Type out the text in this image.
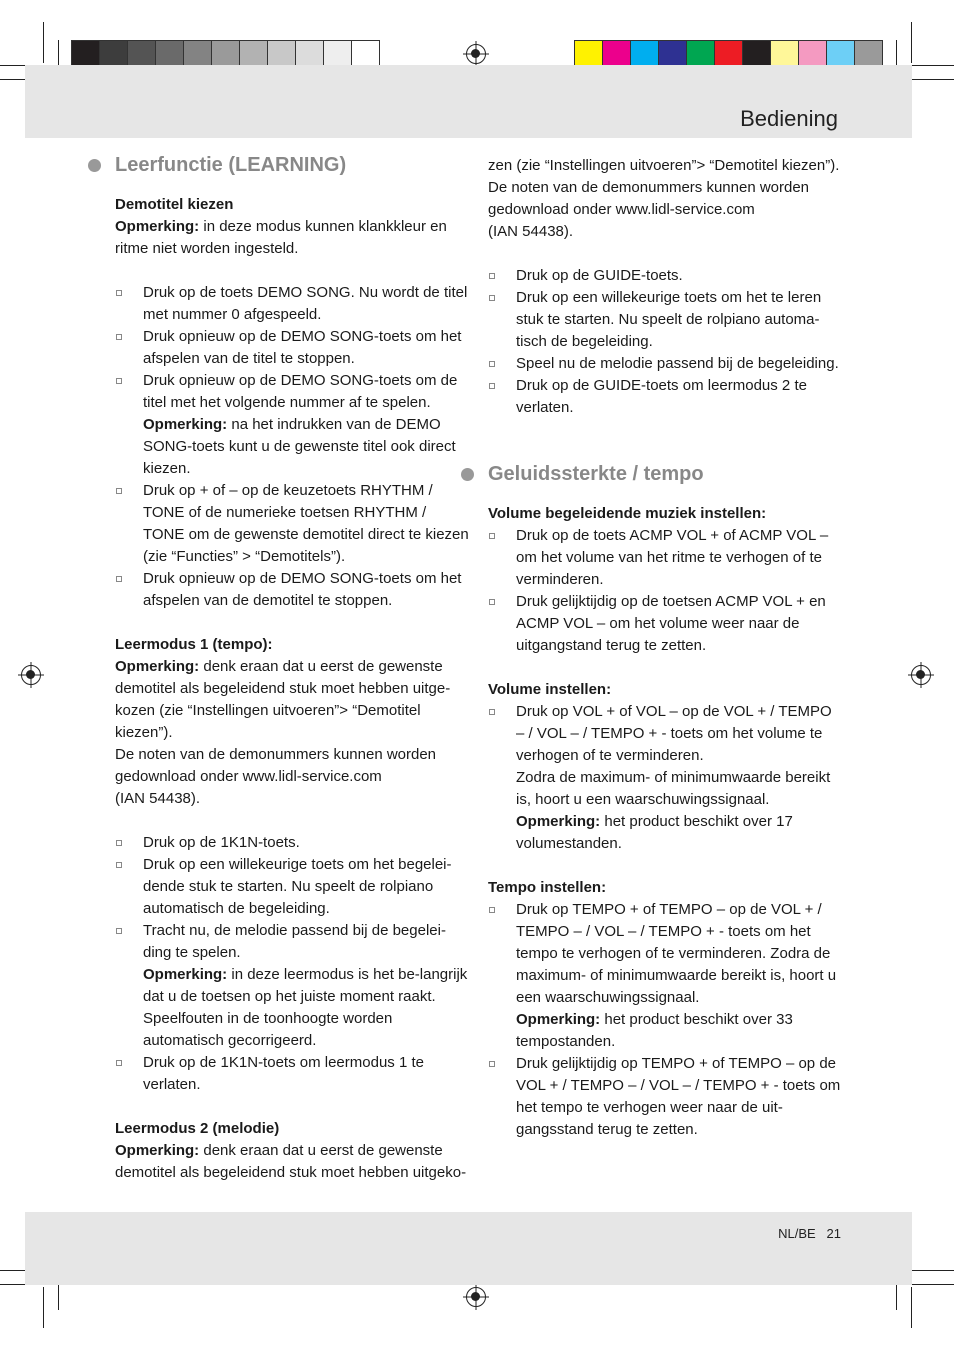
Bediening
Leerfunctie (LEARNING)

Demotitel kiezen

Opmerking: in deze modus kunnen klankkleur en ritme niet worden ingesteld.

Druk op de toets DEMO SONG. Nu wordt de titel met nummer 0 afgespeeld.
Druk opnieuw op de DEMO SONG-toets om het afspelen van de titel te stoppen.
Druk opnieuw op de DEMO SONG-toets om de titel met het volgende nummer af te spelen.
Opmerking: na het indrukken van de DEMO SONG-toets kunt u de gewenste titel ook direct kiezen.
Druk op + of – op de keuzetoets RHYTHM / TONE of de numerieke toetsen RHYTHM / TONE om de gewenste demotitel direct te kiezen (zie “Functies” > “Demotitels”).
Druk opnieuw op de DEMO SONG-toets om het afspelen van de demotitel te stoppen.

Leermodus 1 (tempo):

Opmerking: denk eraan dat u eerst de gewenste demotitel als begeleidend stuk moet hebben uitge-kozen (zie “Instellingen uitvoeren”> “Demotitel kiezen”).

De noten van de demonummers kunnen worden gedownload onder www.lidl-service.com

(IAN 54438).

Druk op de 1K1N-toets.
Druk op een willekeurige toets om het begelei-dende stuk te starten. Nu speelt de rolpiano automatisch de begeleiding.
Tracht nu, de melodie passend bij de begelei-ding te spelen.
Opmerking: in deze leermodus is het be-langrijk dat u de toetsen op het juiste moment raakt. Speelfouten in de toonhoogte worden automatisch gecorrigeerd.
Druk op de 1K1N-toets om leermodus 1 te verlaten.

Leermodus 2 (melodie)

Opmerking: denk eraan dat u eerst de gewenste demotitel als begeleidend stuk moet hebben uitgeko-

zen (zie “Instellingen uitvoeren”> “Demotitel kiezen”).

De noten van de demonummers kunnen worden gedownload onder www.lidl-service.com

(IAN 54438).

Druk op de GUIDE-toets.
Druk op een willekeurige toets om het te leren stuk te starten. Nu speelt de rolpiano automa-tisch de begeleiding.
Speel nu de melodie passend bij de begeleiding.
Druk op de GUIDE-toets om leermodus 2 te verlaten.
Geluidssterkte / tempo

Volume begeleidende muziek instellen:

Druk op de toets ACMP VOL + of ACMP VOL – om het volume van het ritme te verhogen of te verminderen.
Druk gelijktijdig op de toetsen ACMP VOL + en ACMP VOL – om het volume weer naar de uitgangstand terug te zetten.

Volume instellen:

Druk op VOL + of VOL – op de VOL + / TEMPO – / VOL – / TEMPO + - toets om het volume te verhogen of te verminderen.
Zodra de maximum- of minimumwaarde bereikt is, hoort u een waarschuwingssignaal.
Opmerking: het product beschikt over 17 volumestanden.

Tempo instellen:

Druk op TEMPO + of TEMPO – op de VOL + / TEMPO – / VOL – / TEMPO + - toets om het tempo te verhogen of te verminderen. Zodra de maximum- of minimumwaarde bereikt is, hoort u een waarschuwingssignaal.
Opmerking: het product beschikt over 33 tempostanden.
Druk gelijktijdig op TEMPO + of TEMPO – op de VOL + / TEMPO – / VOL – / TEMPO + - toets om het tempo te verhogen weer naar de uit-gangsstand terug te zetten.
NL/BE   21
